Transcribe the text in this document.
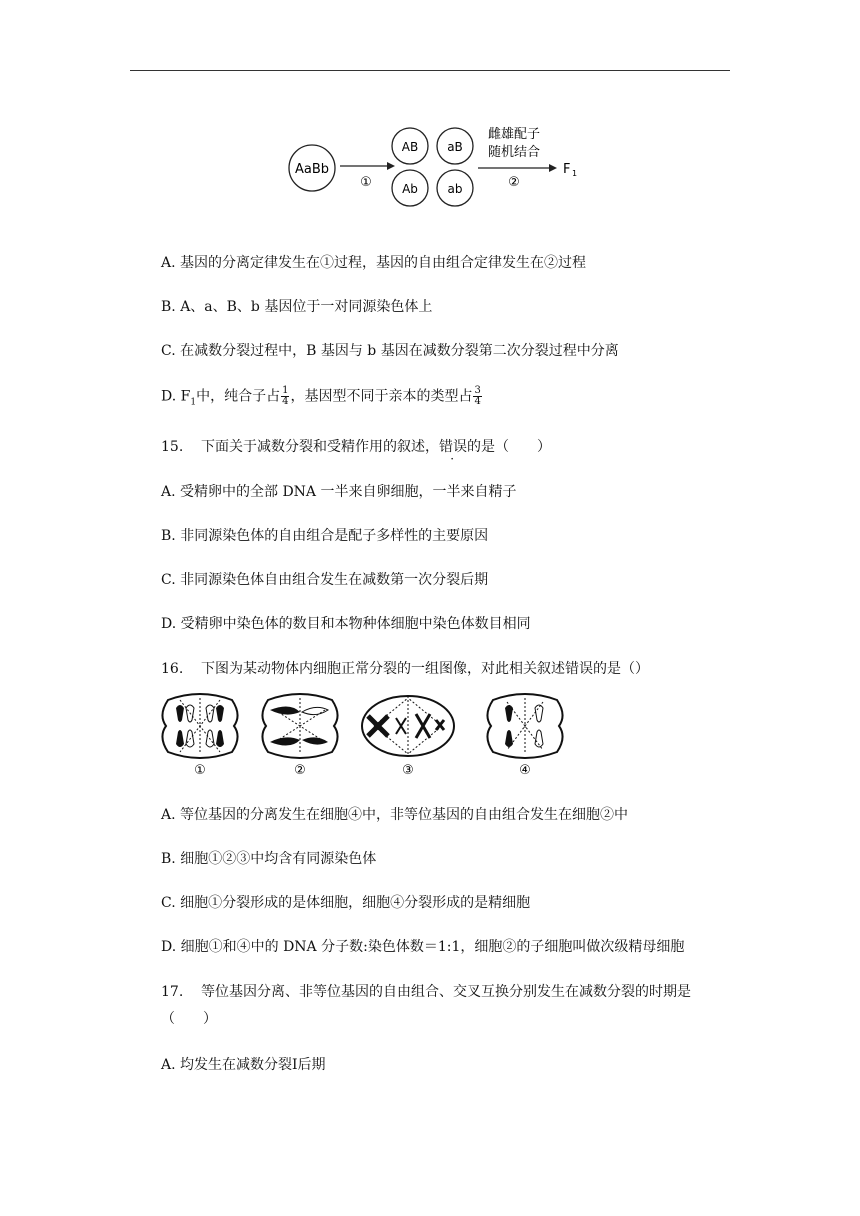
AaBb
①
AB aB
Ab ab
雌雄配子
随机结合
②
F 1
A. 基因的分离定律发生在①过程，基因的自由组合定律发生在②过程
B. A、a、B、b 基因位于一对同源染色体上
C. 在减数分裂过程中，B 基因与 b 基因在减数分裂第二次分裂过程中分离
D. $F_1$中，纯合子占 $\frac{1}{4}$ ，基因型不同于亲本的类型占 $\frac{3}{4}$
15. 下面关于减数分裂和受精作用的叙述，错误的是（　　）
A. 受精卵中的全部 DNA 一半来自卵细胞，一半来自精子
B. 非同源染色体的自由组合是配子多样性的主要原因
C. 非同源染色体自由组合发生在减数第一次分裂后期
D. 受精卵中染色体的数目和本物种体细胞中染色体数目相同
16. 下图为某动物体内细胞正常分裂的一组图像，对此相关叙述错误的是（）
①	②	③	④
A. 等位基因的分离发生在细胞④中，非等位基因的自由组合发生在细胞②中
B. 细胞①②③中均含有同源染色体
C. 细胞①分裂形成的是体细胞，细胞④分裂形成的是精细胞
D. 细胞①和④中的 DNA 分子数:染色体数＝1:1，细胞②的子细胞叫做次级精母细胞
17. 等位基因分离、非等位基因的自由组合、交叉互换分别发生在减数分裂的时期是
（　　）
A. 均发生在减数分裂Ⅰ后期
